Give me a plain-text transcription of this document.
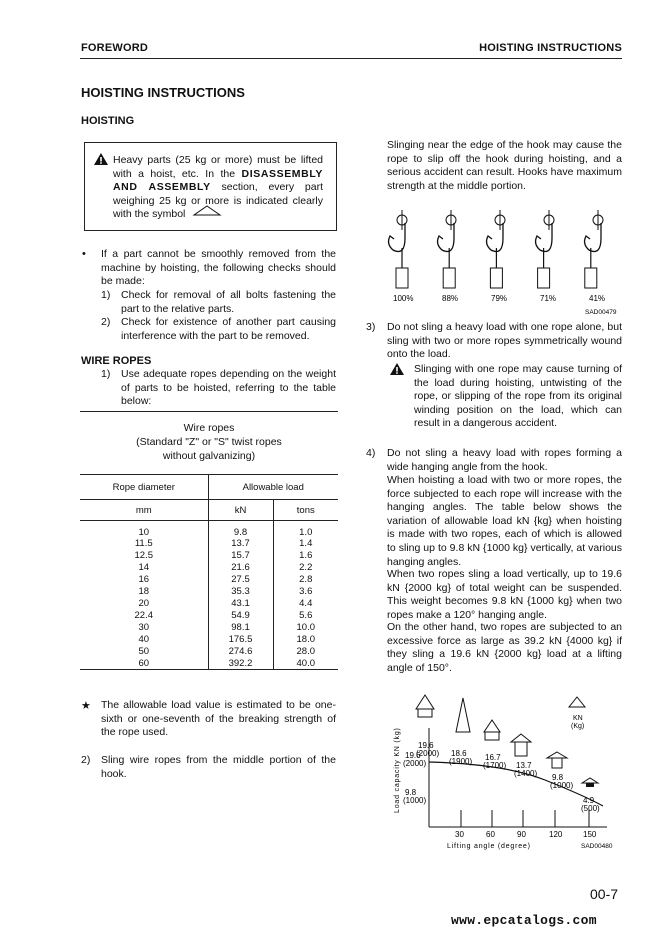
FOREWORD	HOISTING INSTRUCTIONS
HOISTING INSTRUCTIONS
HOISTING
Heavy parts (25 kg or more) must be lifted with a hoist, etc. In the DISASSEMBLY AND ASSEMBLY section, every part weighing 25 kg or more is indicated clearly with the symbol
• If a part cannot be smoothly removed from the machine by hoisting, the following checks should be made:
1) Check for removal of all bolts fastening the part to the relative parts.
2) Check for existence of another part causing interference with the part to be removed.
WIRE ROPES
1) Use adequate ropes depending on the weight of parts to be hoisted, referring to the table below:
Wire ropes
(Standard "Z" or "S" twist ropes
without galvanizing)
Rope diameter	Allowable load	
mm	kN	tons
10	9.8	1.0
11.5	13.7	1.4
12.5	15.7	1.6
14	21.6	2.2
16	27.5	2.8
18	35.3	3.6
20	43.1	4.4
22.4	54.9	5.6
30	98.1	10.0
40	176.5	18.0
50	274.6	28.0
60	392.2	40.0
★ The allowable load value is estimated to be one-sixth or one-seventh of the breaking strength of the rope used.
2) Sling wire ropes from the middle portion of the hook.
Slinging near the edge of the hook may cause the rope to slip off the hook during hoisting, and a serious accident can result. Hooks have maximum strength at the middle portion.
100%	88%	79%	71%	41%
SAD00479
3) Do not sling a heavy load with one rope alone, but sling with two or more ropes symmetrically wound onto the load.
Slinging with one rope may cause turning of the load during hoisting, untwisting of the rope, or slipping of the rope from its original winding position on the load, which can result in a dangerous accident.
4) Do not sling a heavy load with ropes forming a wide hanging angle from the hook.
When hoisting a load with two or more ropes, the force subjected to each rope will increase with the hanging angles. The table below shows the variation of allowable load kN {kg} when hoisting is made with two ropes, each of which is allowed to sling up to 9.8 kN {1000 kg} vertically, at various hanging angles.
When two ropes sling a load vertically, up to 19.6 kN {2000 kg} of total weight can be suspended. This weight becomes 9.8 kN {1000 kg} when two ropes make a 120° hanging angle.
On the other hand, two ropes are subjected to an excessive force as large as 39.2 kN {4000 kg} if they sling a 19.6 kN {2000 kg} load at a lifting angle of 150°.
Load capacity KN (kg)
30	60	90	120	150
19.6
(2000)
9.8
(1000)
19.6
(2000) 18.6
(1900) 16.7
(1700) 13.7
(1400) 9.8
(1000)
4.9
(500)
Lifting angle (degree)	SAD00480
KN
(Kg)
00-7
www.epcatalogs.com
